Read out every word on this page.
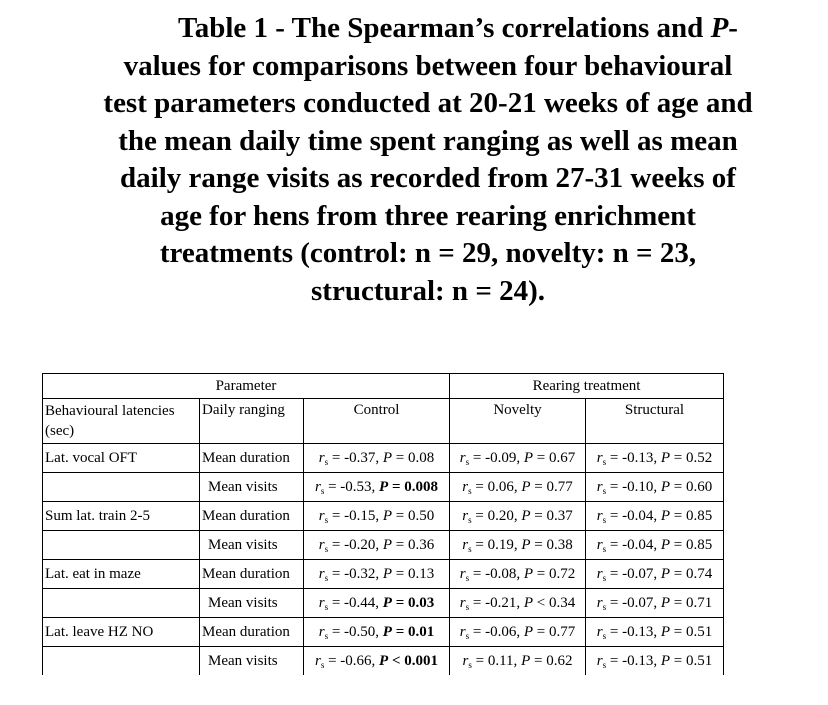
Table 1 - The Spearman’s correlations and P-
values for comparisons between four behavioural
test parameters conducted at 20-21 weeks of age and
the mean daily time spent ranging as well as mean
daily range visits as recorded from 27-31 weeks of
age for hens from three rearing enrichment
treatments (control: n = 29, novelty: n = 23,
structural: n = 24).
Parameter			Rearing treatment	

Behavioural latencies (sec)	Daily ranging	Control	Novelty	Structural
Lat. vocal OFT	Mean duration	$r_s = -0.37$, P = 0.08	$r_s = -0.09$, P = 0.67	$r_s = -0.13$, P = 0.52
	Mean visits	$r_s = -0.53$, P = 0.008	$r_s = 0.06$, P = 0.77	$r_s = -0.10$, P = 0.60
Sum lat. train 2-5	Mean duration	$r_s = -0.15$, P = 0.50	$r_s = 0.20$, P = 0.37	$r_s = -0.04$, P = 0.85
	Mean visits	$r_s = -0.20$, P = 0.36	$r_s = 0.19$, P = 0.38	$r_s = -0.04$, P = 0.85
Lat. eat in maze	Mean duration	$r_s = -0.32$, P = 0.13	$r_s = -0.08$, P = 0.72	$r_s = -0.07$, P = 0.74
	Mean visits	$r_s = -0.44$, P = 0.03	$r_s = -0.21$, P < 0.34	$r_s = -0.07$, P = 0.71
Lat. leave HZ NO	Mean duration	$r_s = -0.50$, P = 0.01	$r_s = -0.06$, P = 0.77	$r_s = -0.13$, P = 0.51
	Mean visits	$r_s = -0.66$, P < 0.001	$r_s = 0.11$, P = 0.62	$r_s = -0.13$, P = 0.51
